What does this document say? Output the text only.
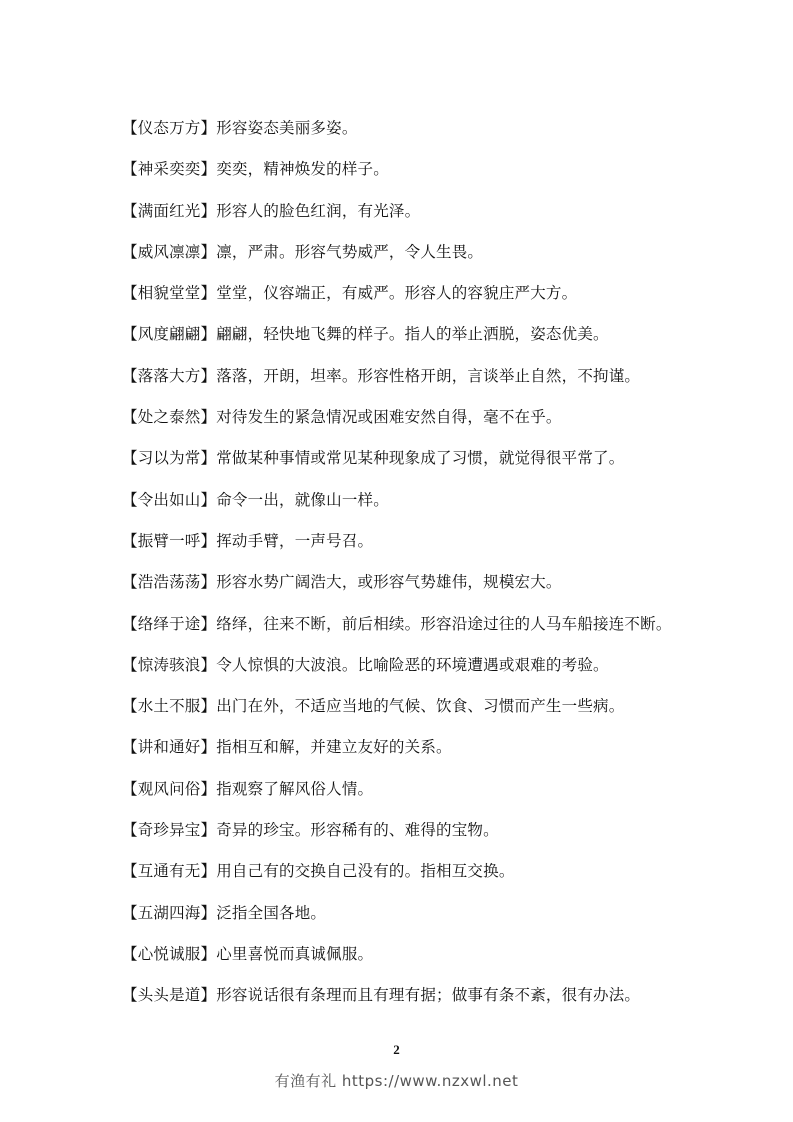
【仪态万方】形容姿态美丽多姿。
【神采奕奕】奕奕，精神焕发的样子。
【满面红光】形容人的脸色红润，有光泽。
【威风凛凛】凛，严肃。形容气势威严，令人生畏。
【相貌堂堂】堂堂，仪容端正，有威严。形容人的容貌庄严大方。
【风度翩翩】翩翩，轻快地飞舞的样子。指人的举止洒脱，姿态优美。
【落落大方】落落，开朗，坦率。形容性格开朗，言谈举止自然，不拘谨。
【处之泰然】对待发生的紧急情况或困难安然自得，毫不在乎。
【习以为常】常做某种事情或常见某种现象成了习惯，就觉得很平常了。
【令出如山】命令一出，就像山一样。
【振臂一呼】挥动手臂，一声号召。
【浩浩荡荡】形容水势广阔浩大，或形容气势雄伟，规模宏大。
【络绎于途】络绎，往来不断，前后相续。形容沿途过往的人马车船接连不断。
【惊涛骇浪】令人惊惧的大波浪。比喻险恶的环境遭遇或艰难的考验。
【水土不服】出门在外，不适应当地的气候、饮食、习惯而产生一些病。
【讲和通好】指相互和解，并建立友好的关系。
【观风问俗】指观察了解风俗人情。
【奇珍异宝】奇异的珍宝。形容稀有的、难得的宝物。
【互通有无】用自己有的交换自己没有的。指相互交换。
【五湖四海】泛指全国各地。
【心悦诚服】心里喜悦而真诚佩服。
【头头是道】形容说话很有条理而且有理有据；做事有条不紊，很有办法。
2
有渔有礼 https://www.nzxwl.net
